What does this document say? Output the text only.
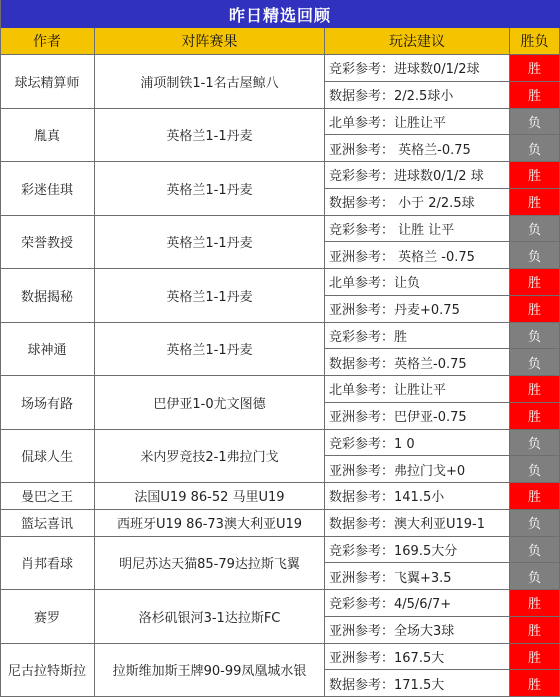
昨日精选回顾
作者	对阵赛果	玩法建议	胜负
球坛精算师	浦项制铁1-1名古屋鲸八
竞彩参考：进球数0/1/2球	胜
数据参考：2/2.5球小	胜
胤真	英格兰1-1丹麦
北单参考：让胜让平	负
亚洲参考： 英格兰-0.75	负
彩迷佳琪	英格兰1-1丹麦
竞彩参考：进球数0/1/2 球	胜
数据参考： 小于 2/2.5球	胜
荣誉教授	英格兰1-1丹麦
竞彩参考： 让胜 让平	负
亚洲参考： 英格兰 -0.75	负
数据揭秘	英格兰1-1丹麦
北单参考：让负	胜
亚洲参考：丹麦+0.75	胜
球神通	英格兰1-1丹麦
竞彩参考：胜	负
数据参考：英格兰-0.75	负
场场有路	巴伊亚1-0尤文图德
北单参考：让胜让平	胜
亚洲参考：巴伊亚-0.75	胜
侃球人生	米内罗竞技2-1弗拉门戈
竞彩参考：1 0	负
亚洲参考：弗拉门戈+0	负
曼巴之王	法国U19 86-52 马里U19	数据参考：141.5小	胜
篮坛喜讯	西班牙U19 86-73澳大利亚U19	数据参考：澳大利亚U19-1	负
肖邦看球	明尼苏达天猫85-79达拉斯飞翼
竞彩参考：169.5大分	负
亚洲参考：飞翼+3.5	负
赛罗	洛杉矶银河3-1达拉斯FC
竞彩参考：4/5/6/7+	胜
亚洲参考：全场大3球	胜
尼古拉特斯拉	拉斯维加斯王牌90-99凤凰城水银
亚洲参考：167.5大	胜
数据参考：171.5大	胜
